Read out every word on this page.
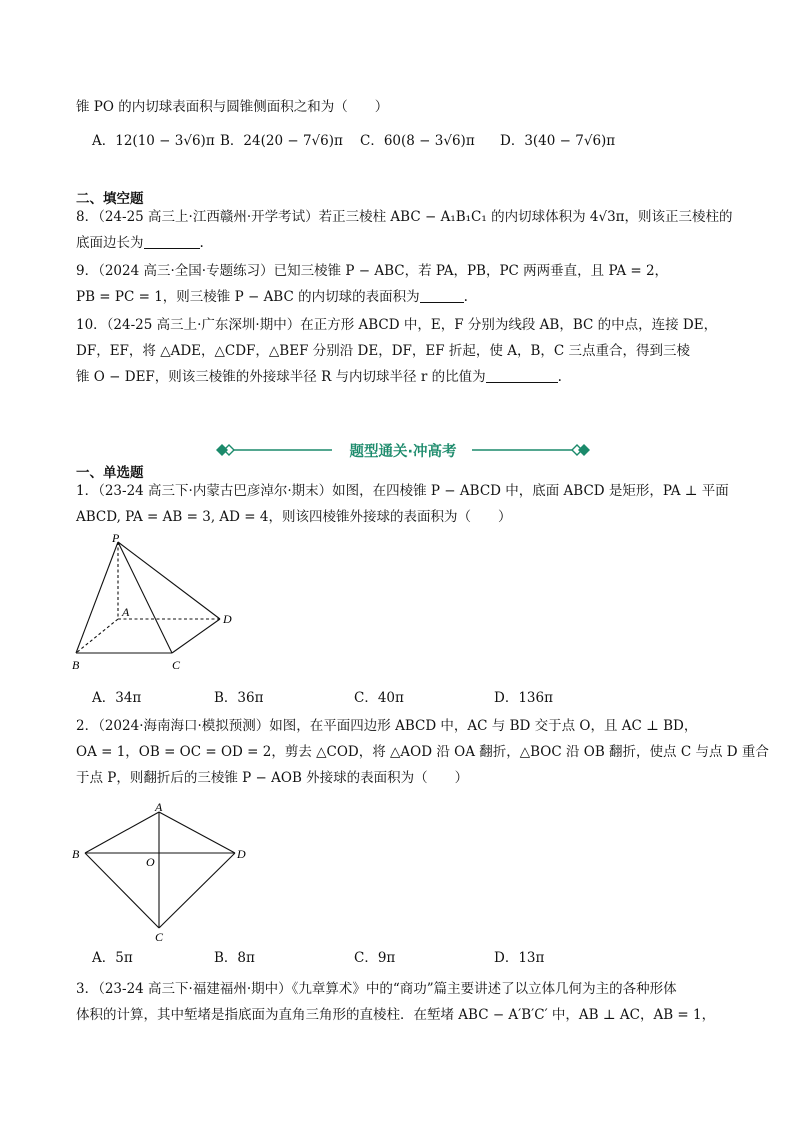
锥 PO 的内切球表面积与圆锥侧面积之和为（　　）
A．12(10 − 3√6)π B．24(20 − 7√6)π C．60(8 − 3√6)π D．3(40 − 7√6)π
二、填空题
8．（24-25 高三上·江西赣州·开学考试）若正三棱柱 ABC − A₁B₁C₁ 的内切球体积为 4√3π，则该正三棱柱的
底面边长为	.
9．（2024 高三·全国·专题练习）已知三棱锥 P − ABC，若 PA，PB，PC 两两垂直，且 PA = 2，
PB = PC = 1，则三棱锥 P − ABC 的内切球的表面积为	.
10．（24-25 高三上·广东深圳·期中）在正方形 ABCD 中，E，F 分别为线段 AB，BC 的中点，连接 DE，
DF，EF，将 △ADE，△CDF，△BEF 分别沿 DE，DF，EF 折起，使 A，B，C 三点重合，得到三棱
锥 O − DEF，则该三棱锥的外接球半径 R 与内切球半径 r 的比值为	.
题型通关·冲高考
一、单选题
1．（23-24 高三下·内蒙古巴彦淖尔·期末）如图，在四棱锥 P − ABCD 中，底面 ABCD 是矩形，PA ⊥ 平面
ABCD, PA = AB = 3, AD = 4，则该四棱锥外接球的表面积为（　　）
P
A
B	C
D
A．34π	B．36π	C．40π	D．136π
2．（2024·海南海口·模拟预测）如图，在平面四边形 ABCD 中，AC 与 BD 交于点 O，且 AC ⊥ BD，
OA = 1，OB = OC = OD = 2，剪去 △COD，将 △AOD 沿 OA 翻折，△BOC 沿 OB 翻折，使点 C 与点 D 重合
于点 P，则翻折后的三棱锥 P − AOB 外接球的表面积为（　　）
A
B
O
D
C
A．5π	B．8π	C．9π	D．13π
3．（23-24 高三下·福建福州·期中）《九章算术》中的“商功”篇主要讲述了以立体几何为主的各种形体
体积的计算，其中堑堵是指底面为直角三角形的直棱柱．在堑堵 ABC − A′B′C′ 中，AB ⊥ AC，AB = 1，
